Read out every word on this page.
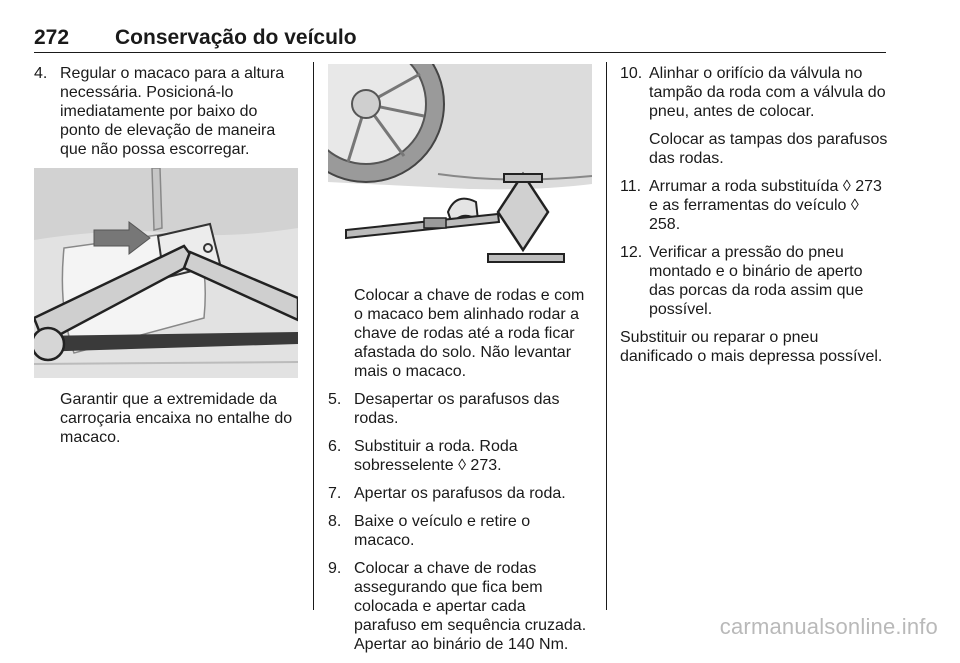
272 Conservação do veículo
4. Regular o macaco para a altura necessária. Posicioná-lo imediatamente por baixo do ponto de elevação de maneira que não possa escorregar.

Garantir que a extremidade da carroçaria encaixa no entalhe do macaco.

Colocar a chave de rodas e com o macaco bem alinhado rodar a chave de rodas até a roda ficar afastada do solo. Não levantar mais o macaco.

5. Desapertar os parafusos das rodas.
6. Substituir a roda. Roda sobresselente ◊ 273.
7. Apertar os parafusos da roda.
8. Baixe o veículo e retire o macaco.
9. Colocar a chave de rodas assegurando que fica bem colocada e apertar cada parafuso em sequência cruzada. Apertar ao binário de 140 Nm.
10. Alinhar o orifício da válvula no tampão da roda com a válvula do pneu, antes de colocar.

Colocar as tampas dos parafusos das rodas.

11. Arrumar a roda substituída ◊ 273 e as ferramentas do veículo ◊ 258.
12. Verificar a pressão do pneu montado e o binário de aperto das porcas da roda assim que possível.

Substituir ou reparar o pneu danificado o mais depressa possível.

carmanualsonline.info
